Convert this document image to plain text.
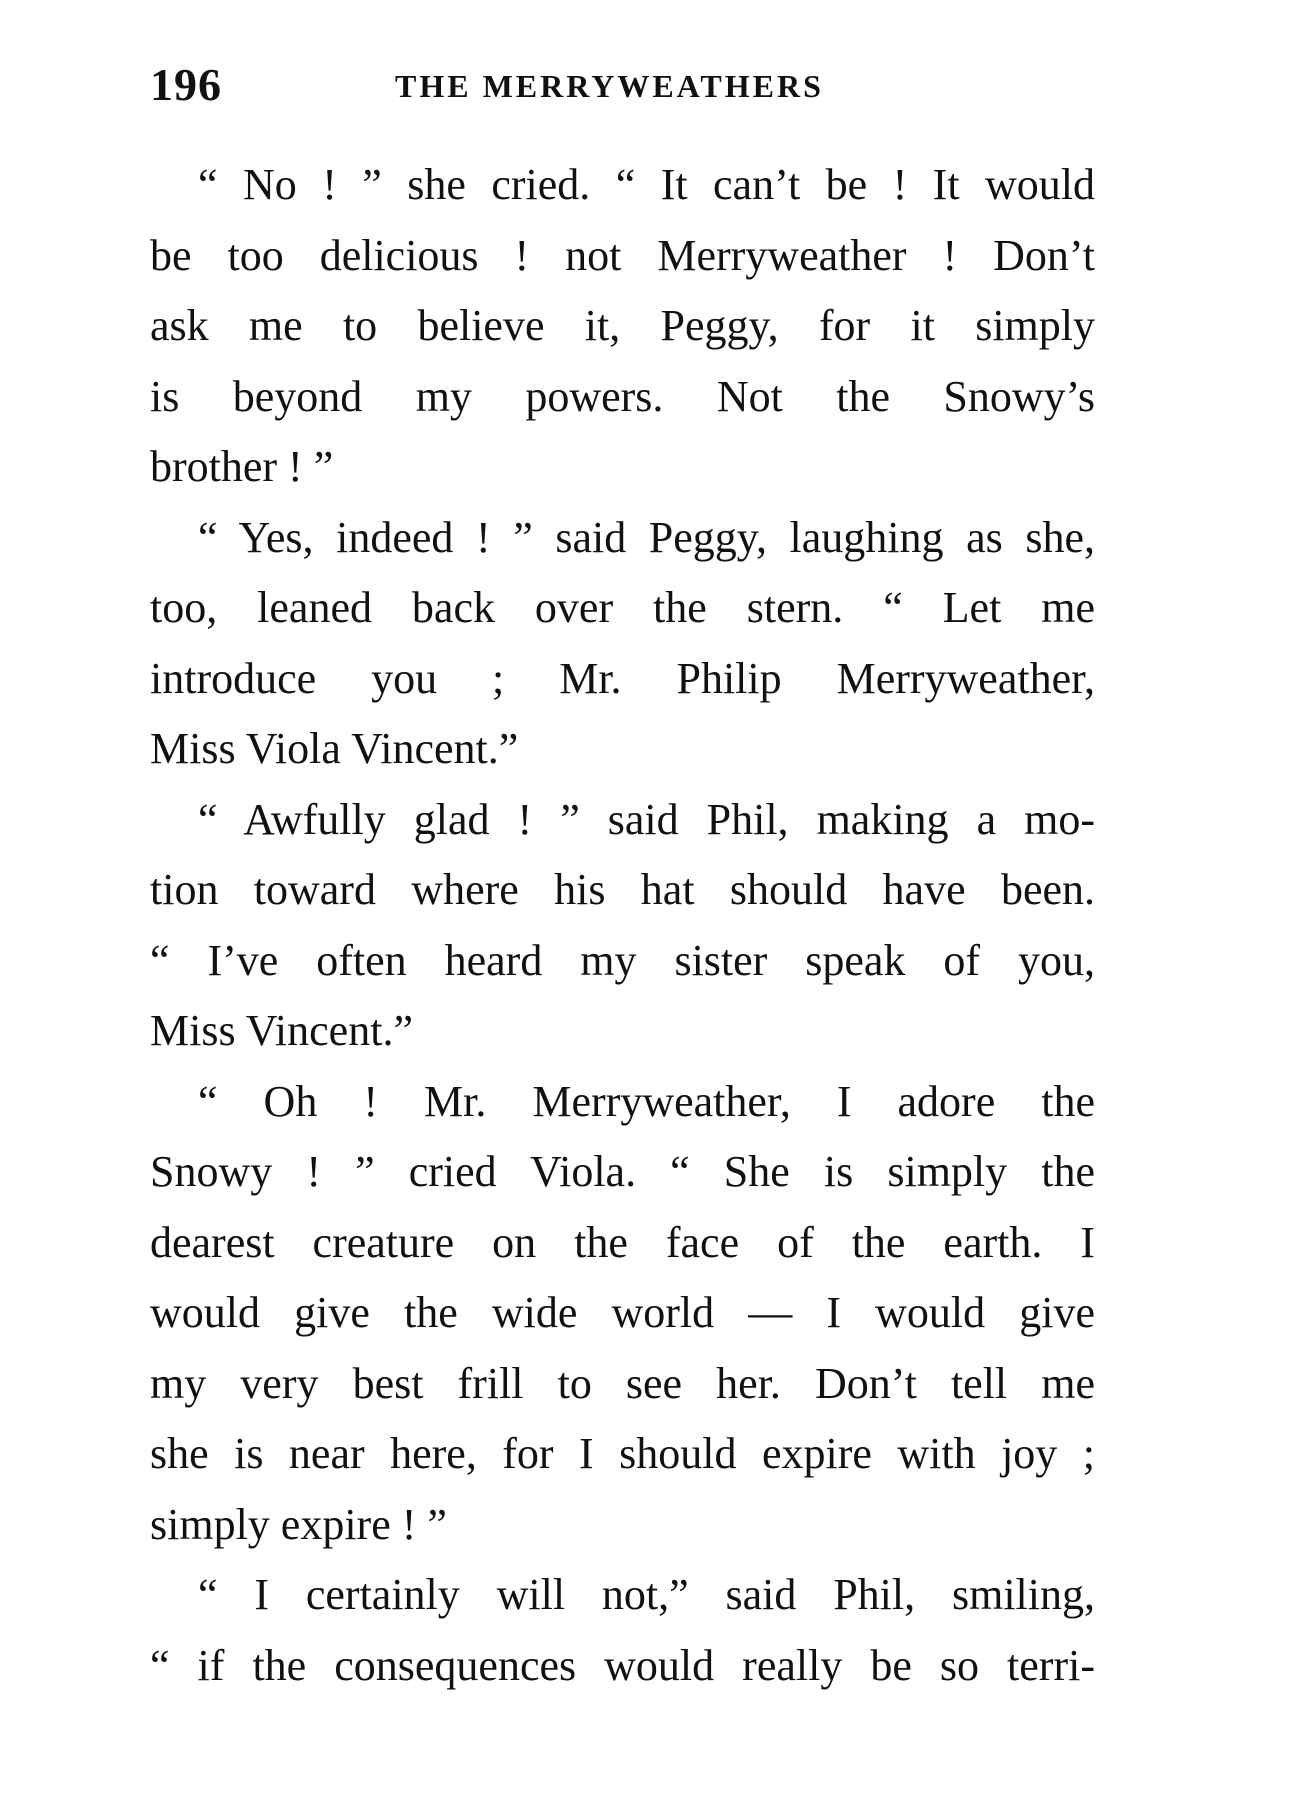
196	THE MERRYWEATHERS
“ No ! ” she cried. “ It can’t be ! It would
be too delicious ! not Merryweather ! Don’t
ask me to believe it, Peggy, for it simply
is beyond my powers. Not the Snowy’s
brother ! ”
“ Yes, indeed ! ” said Peggy, laughing as she,
too, leaned back over the stern. “ Let me
introduce you ; Mr. Philip Merryweather,
Miss Viola Vincent.”
“ Awfully glad ! ” said Phil, making a mo-
tion toward where his hat should have been.
“ I’ve often heard my sister speak of you,
Miss Vincent.”
“ Oh ! Mr. Merryweather, I adore the
Snowy ! ” cried Viola. “ She is simply the
dearest creature on the face of the earth. I
would give the wide world — I would give
my very best frill to see her. Don’t tell me
she is near here, for I should expire with joy ;
simply expire ! ”
“ I certainly will not,” said Phil, smiling,
“ if the consequences would really be so terri-
